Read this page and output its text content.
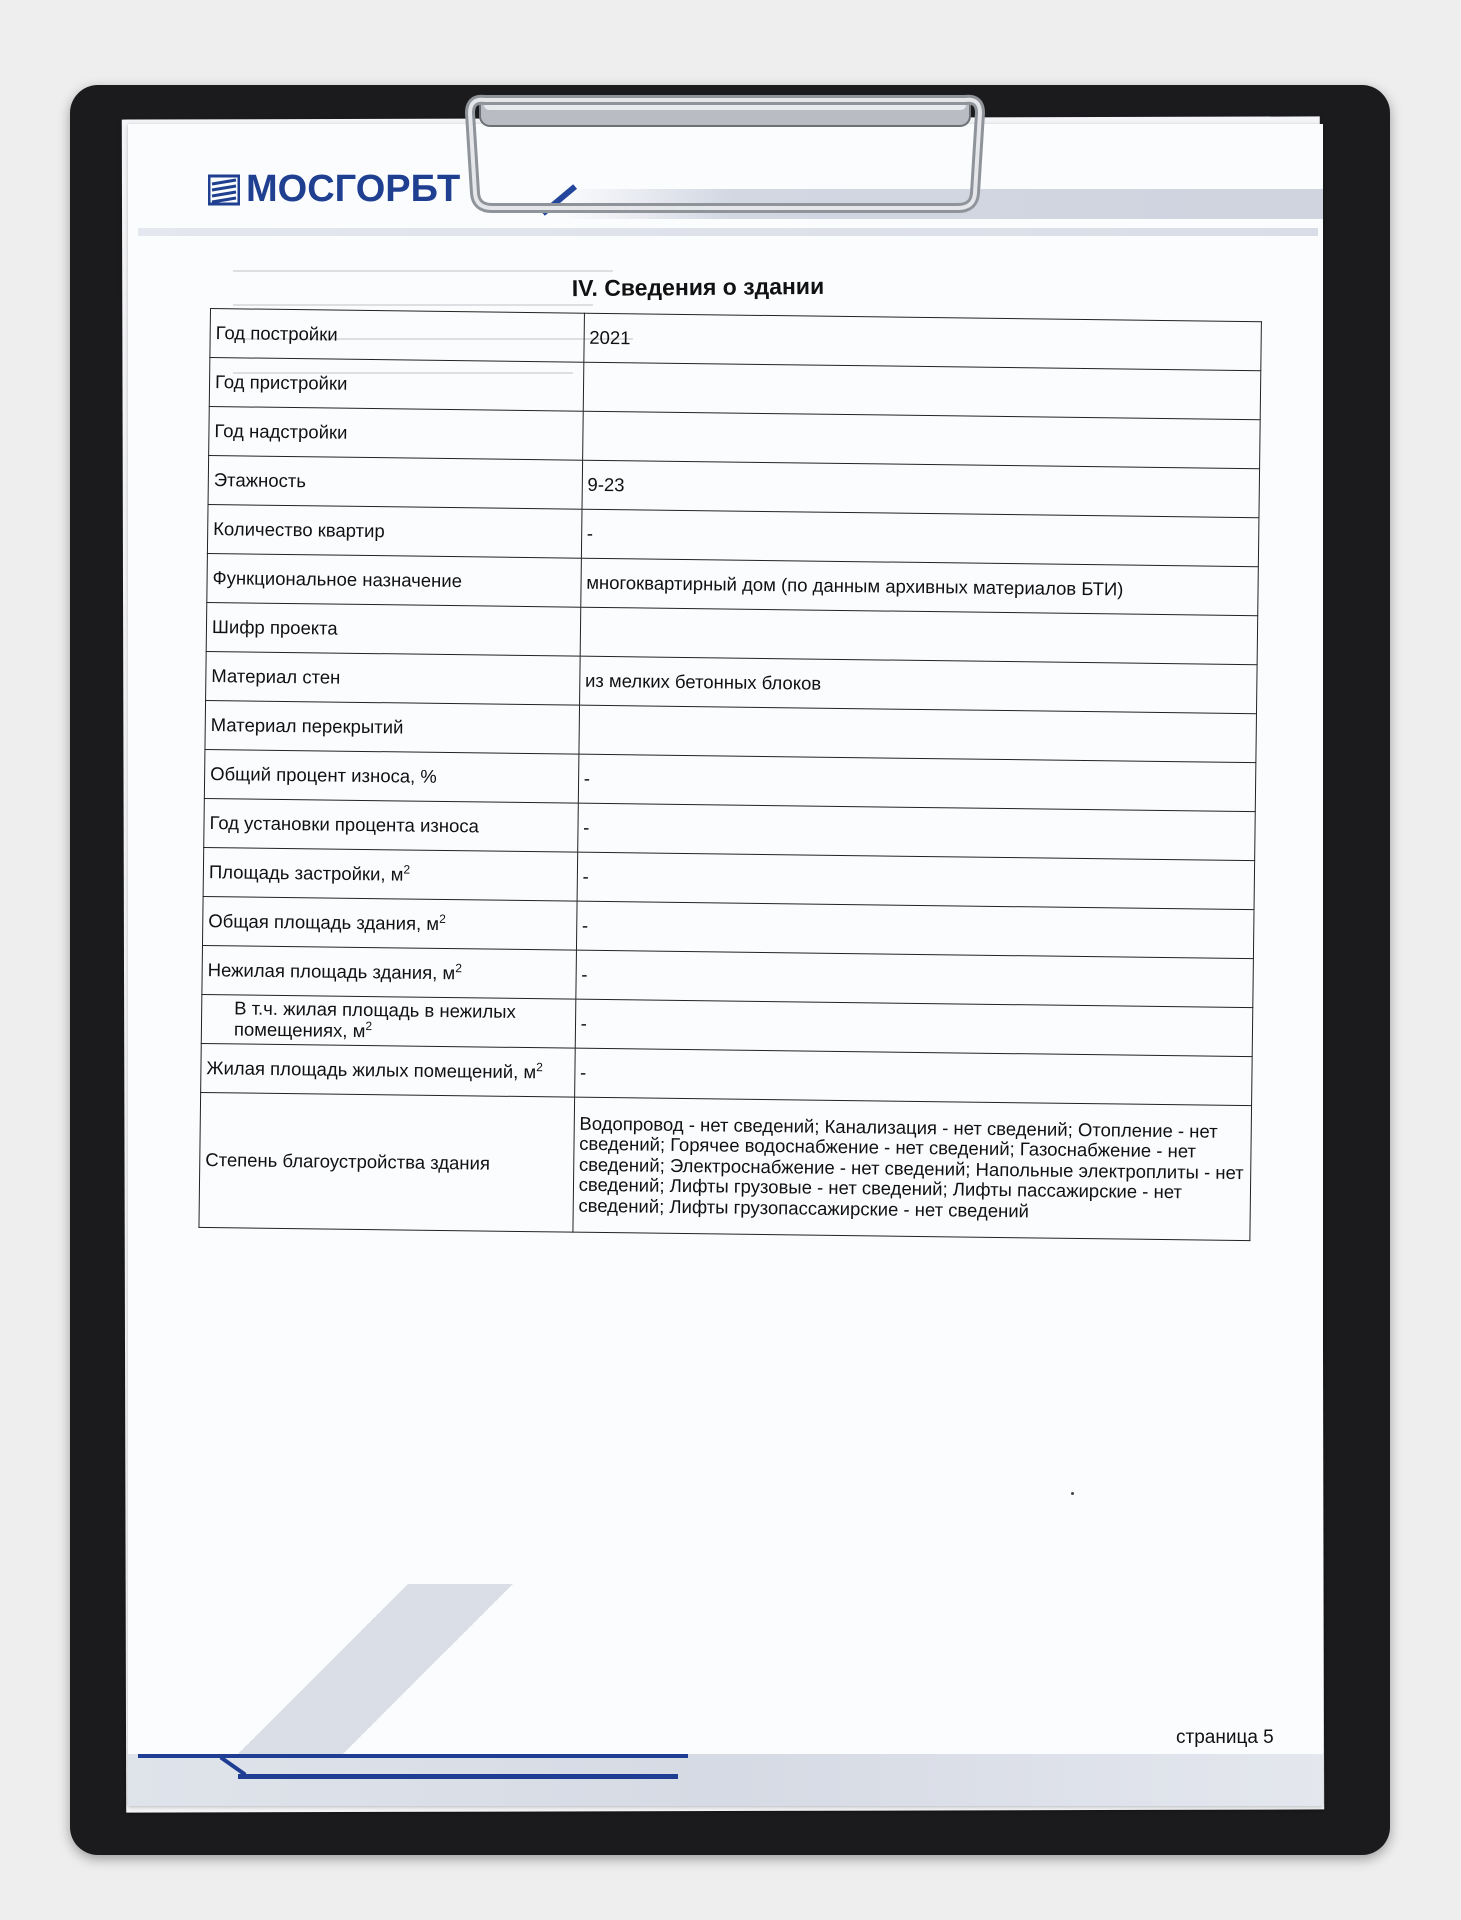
МОСГОРБТ
IV. Сведения о здании
Год постройки	2021
Год пристройки	
Год надстройки	
Этажность	9-23
Количество квартир	-
Функциональное назначение	многоквартирный дом (по данным архивных материалов БТИ)
Шифр проекта	
Материал стен	из мелких бетонных блоков
Материал перекрытий	
Общий процент износа, %	-
Год установки процента износа	-
Площадь застройки, $м^2$	-
Общая площадь здания, $м^2$	-
Нежилая площадь здания, $м^2$	-
В т.ч. жилая площадь в нежилых помещениях, $м^2$	-
Жилая площадь жилых помещений, $м^2$	-
Степень благоустройства здания	Водопровод - нет сведений; Канализация - нет сведений; Отопление - нет сведений; Горячее водоснабжение - нет сведений; Газоснабжение - нет сведений; Электроснабжение - нет сведений; Напольные электроплиты - нет сведений; Лифты грузовые - нет сведений; Лифты пассажирские - нет сведений; Лифты грузопассажирские - нет сведений
страница 5
